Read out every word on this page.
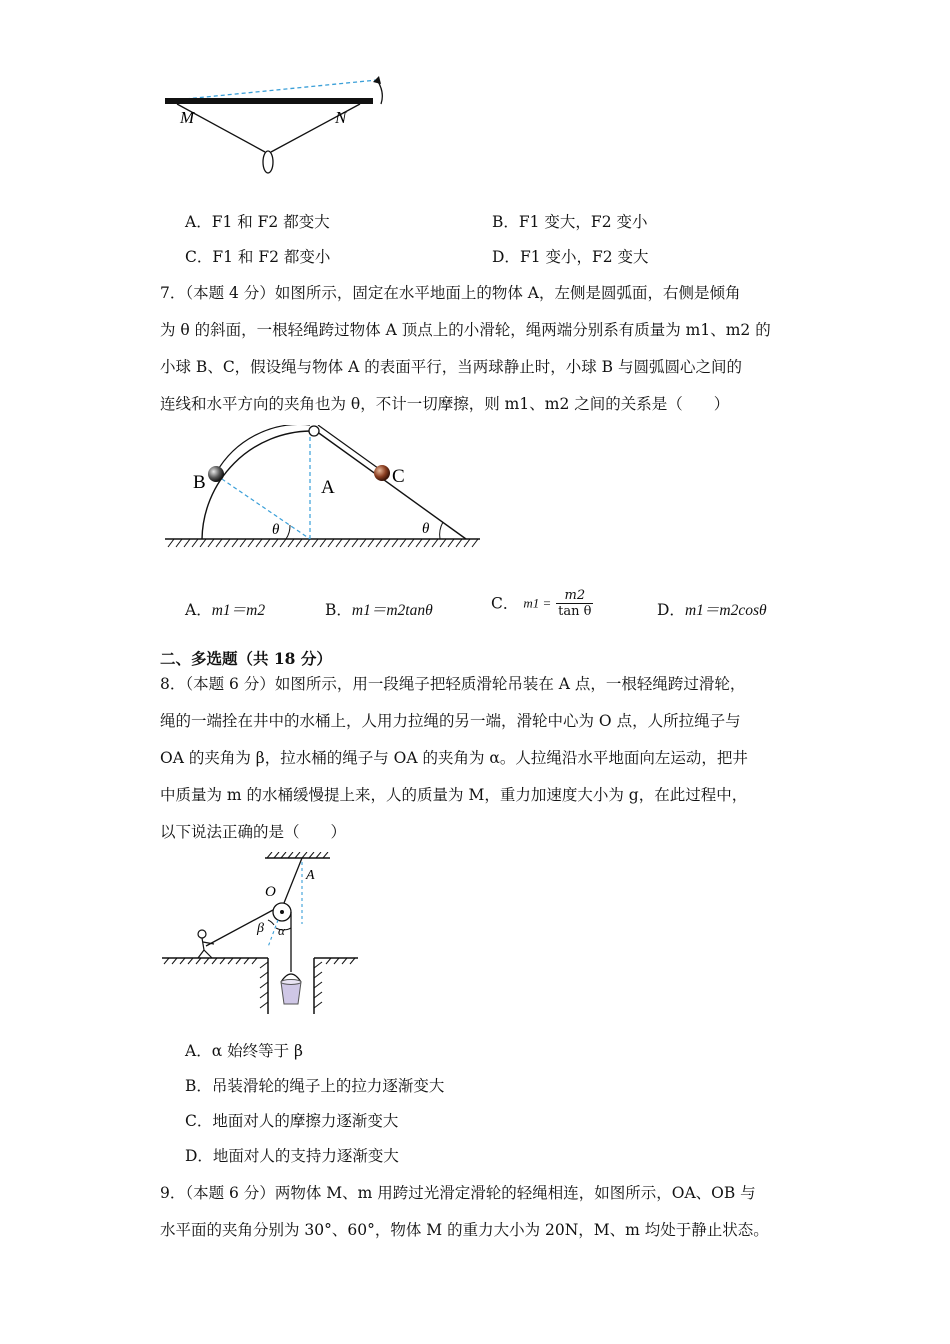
M	N
A．F1 和 F2 都变大	B．F1 变大，F2 变小
C．F1 和 F2 都变小	D．F1 变小，F2 变大
7．（本题 4 分）如图所示，固定在水平地面上的物体 A，左侧是圆弧面，右侧是倾角
为 θ 的斜面，一根轻绳跨过物体 A 顶点上的小滑轮，绳两端分别系有质量为 m1、m2 的
小球 B、C，假设绳与物体 A 的表面平行，当两球静止时，小球 B 与圆弧圆心之间的
连线和水平方向的夹角也为 θ，不计一切摩擦，则 m1、m2 之间的关系是（　　）
B	A
C
θ	θ
A．m1＝m2	B．m1＝m2tanθ	C． $m1 = \frac{m2}{\text{tan θ}}$	D．m1＝m2cosθ
二、多选题（共 18 分）
8．（本题 6 分）如图所示，用一段绳子把轻质滑轮吊装在 A 点，一根轻绳跨过滑轮，
绳的一端拴在井中的水桶上，人用力拉绳的另一端，滑轮中心为 O 点，人所拉绳子与
OA 的夹角为 β，拉水桶的绳子与 OA 的夹角为 α。人拉绳沿水平地面向左运动，把井
中质量为 m 的水桶缓慢提上来，人的质量为 M，重力加速度大小为 g，在此过程中，
以下说法正确的是（　　）
O
A
β α
A．α 始终等于 β
B．吊装滑轮的绳子上的拉力逐渐变大
C．地面对人的摩擦力逐渐变大
D．地面对人的支持力逐渐变大
9．（本题 6 分）两物体 M、m 用跨过光滑定滑轮的轻绳相连，如图所示，OA、OB 与
水平面的夹角分别为 30°、60°，物体 M 的重力大小为 20N，M、m 均处于静止状态。
